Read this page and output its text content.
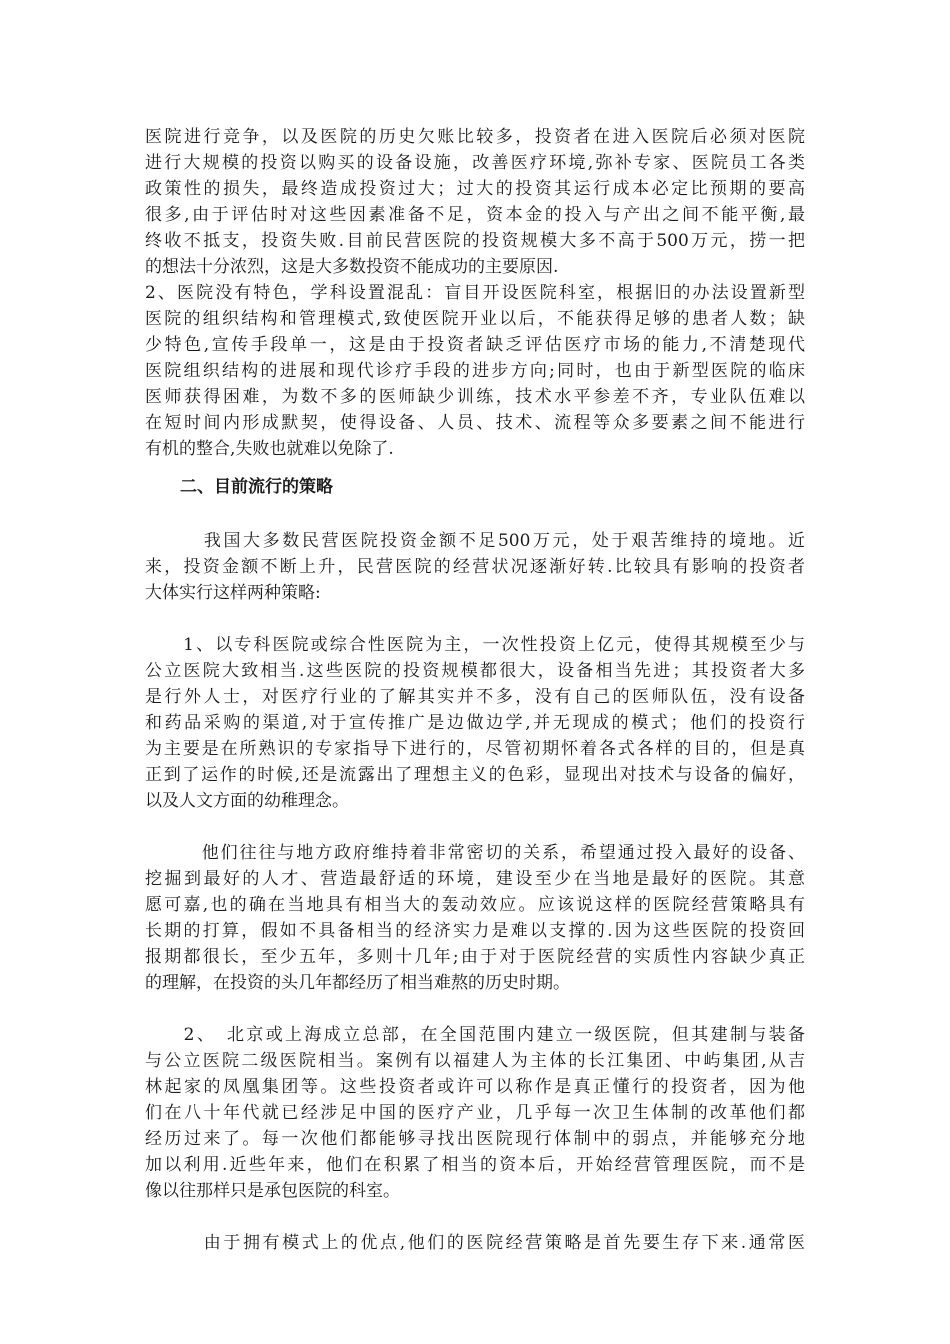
医院进行竞争，以及医院的历史欠账比较多，投资者在进入医院后必须对医院
进行大规模的投资以购买的设备设施，改善医疗环境,弥补专家、医院员工各类
政策性的损失，最终造成投资过大；过大的投资其运行成本必定比预期的要高
很多,由于评估时对这些因素准备不足，资本金的投入与产出之间不能平衡,最
终收不抵支，投资失败.目前民营医院的投资规模大多不高于500万元，捞一把
的想法十分浓烈，这是大多数投资不能成功的主要原因.
2、医院没有特色，学科设置混乱：盲目开设医院科室，根据旧的办法设置新型
医院的组织结构和管理模式,致使医院开业以后，不能获得足够的患者人数；缺
少特色,宣传手段单一，这是由于投资者缺乏评估医疗市场的能力,不清楚现代
医院组织结构的进展和现代诊疗手段的进步方向;同时，也由于新型医院的临床
医师获得困难，为数不多的医师缺少训练，技术水平参差不齐，专业队伍难以
在短时间内形成默契，使得设备、人员、技术、流程等众多要素之间不能进行
有机的整合,失败也就难以免除了.
二、目前流行的策略
　　　我国大多数民营医院投资金额不足500万元，处于艰苦维持的境地。近
来，投资金额不断上升，民营医院的经营状况逐渐好转.比较具有影响的投资者
大体实行这样两种策略:
　　1、以专科医院或综合性医院为主，一次性投资上亿元，使得其规模至少与
公立医院大致相当.这些医院的投资规模都很大，设备相当先进；其投资者大多
是行外人士，对医疗行业的了解其实并不多，没有自己的医师队伍，没有设备
和药品采购的渠道,对于宣传推广是边做边学,并无现成的模式；他们的投资行
为主要是在所熟识的专家指导下进行的，尽管初期怀着各式各样的目的，但是真
正到了运作的时候,还是流露出了理想主义的色彩，显现出对技术与设备的偏好，
以及人文方面的幼稚理念。
　　　他们往往与地方政府维持着非常密切的关系，希望通过投入最好的设备、
挖掘到最好的人才、营造最舒适的环境，建设至少在当地是最好的医院。其意
愿可嘉,也的确在当地具有相当大的轰动效应。应该说这样的医院经营策略具有
长期的打算，假如不具备相当的经济实力是难以支撑的.因为这些医院的投资回
报期都很长，至少五年，多则十几年;由于对于医院经营的实质性内容缺少真正
的理解，在投资的头几年都经历了相当难熬的历史时期。
　　2、　北京或上海成立总部，在全国范围内建立一级医院，但其建制与装备
与公立医院二级医院相当。案例有以福建人为主体的长江集团、中屿集团,从吉
林起家的凤凰集团等。这些投资者或许可以称作是真正懂行的投资者，因为他
们在八十年代就已经涉足中国的医疗产业，几乎每一次卫生体制的改革他们都
经历过来了。每一次他们都能够寻找出医院现行体制中的弱点，并能够充分地
加以利用.近些年来，他们在积累了相当的资本后，开始经营管理医院，而不是
像以往那样只是承包医院的科室。
　　　由于拥有模式上的优点,他们的医院经营策略是首先要生存下来.通常医
